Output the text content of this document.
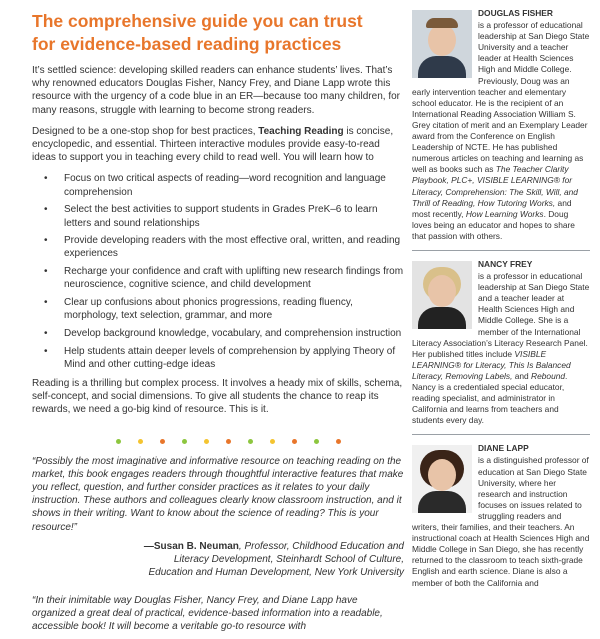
The comprehensive guide you can trust
for evidence-based reading practices

It’s settled science: developing skilled readers can enhance students’ lives. That’s why renowned educators Douglas Fisher, Nancy Frey, and Diane Lapp wrote this resource with the urgency of a code blue in an ER—because too many children, for many reasons, struggle with learning to become strong readers.

Designed to be a one-stop shop for best practices, Teaching Reading is concise, encyclopedic, and essential. Thirteen interactive modules provide easy-to-read ideas to support you in teaching every child to read well. You will learn how to

• Focus on two critical aspects of reading—word recognition and language comprehension
• Select the best activities to support students in Grades PreK–6 to learn letters and sound relationships
• Provide developing readers with the most effective oral, written, and reading experiences
• Recharge your confidence and craft with uplifting new research findings from neuroscience, cognitive science, and child development
• Clear up confusions about phonics progressions, reading fluency, morphology, text selection, grammar, and more
• Develop background knowledge, vocabulary, and comprehension instruction
• Help students attain deeper levels of comprehension by applying Theory of Mind and other cutting-edge ideas

Reading is a thrilling but complex process. It involves a heady mix of skills, schema, self-concept, and social dimensions. To give all students the chance to reap its rewards, we need a go-big kind of resource. This is it.

“Possibly the most imaginative and informative resource on teaching reading on the market, this book engages readers through thoughtful interactive features that make you reflect, question, and further consider practices as it relates to your daily instruction. These authors and colleagues clearly know classroom instruction, and it shows in their writing. Want to know about the science of reading? This is your resource!”

—Susan B. Neuman, Professor, Childhood Education and
Literacy Development, Steinhardt School of Culture,
Education and Human Development, New York University

“In their inimitable way Douglas Fisher, Nancy Frey, and Diane Lapp have organized a great deal of practical, evidence-based information into a readable, accessible book! It will become a veritable go-to resource with

DOUGLAS FISHER
is a professor of educational leadership at San Diego State University and a teacher leader at Health Sciences High and Middle College. Previously, Doug was an early intervention teacher and elementary school educator. He is the recipient of an International Reading Association William S. Grey citation of merit and an Exemplary Leader award from the Conference on English Leadership of NCTE. He has published numerous articles on teaching and learning as well as books such as The Teacher Clarity Playbook, PLC+, VISIBLE LEARNING® for Literacy, Comprehension: The Skill, Will, and Thrill of Reading, How Tutoring Works, and most recently, How Learning Works. Doug loves being an educator and hopes to share that passion with others.
NANCY FREY
is a professor in educational leadership at San Diego State and a teacher leader at Health Sciences High and Middle College. She is a member of the International Literacy Association’s Literacy Research Panel. Her published titles include VISIBLE LEARNING® for Literacy, This Is Balanced Literacy, Removing Labels, and Rebound. Nancy is a credentialed special educator, reading specialist, and administrator in California and learns from teachers and students every day.
DIANE LAPP
is a distinguished professor of education at San Diego State University, where her research and instruction focuses on issues related to struggling readers and writers, their families, and their teachers. An instructional coach at Health Sciences High and Middle College in San Diego, she has recently returned to the classroom to teach sixth-grade English and earth science. Diane is also a member of both the California and
